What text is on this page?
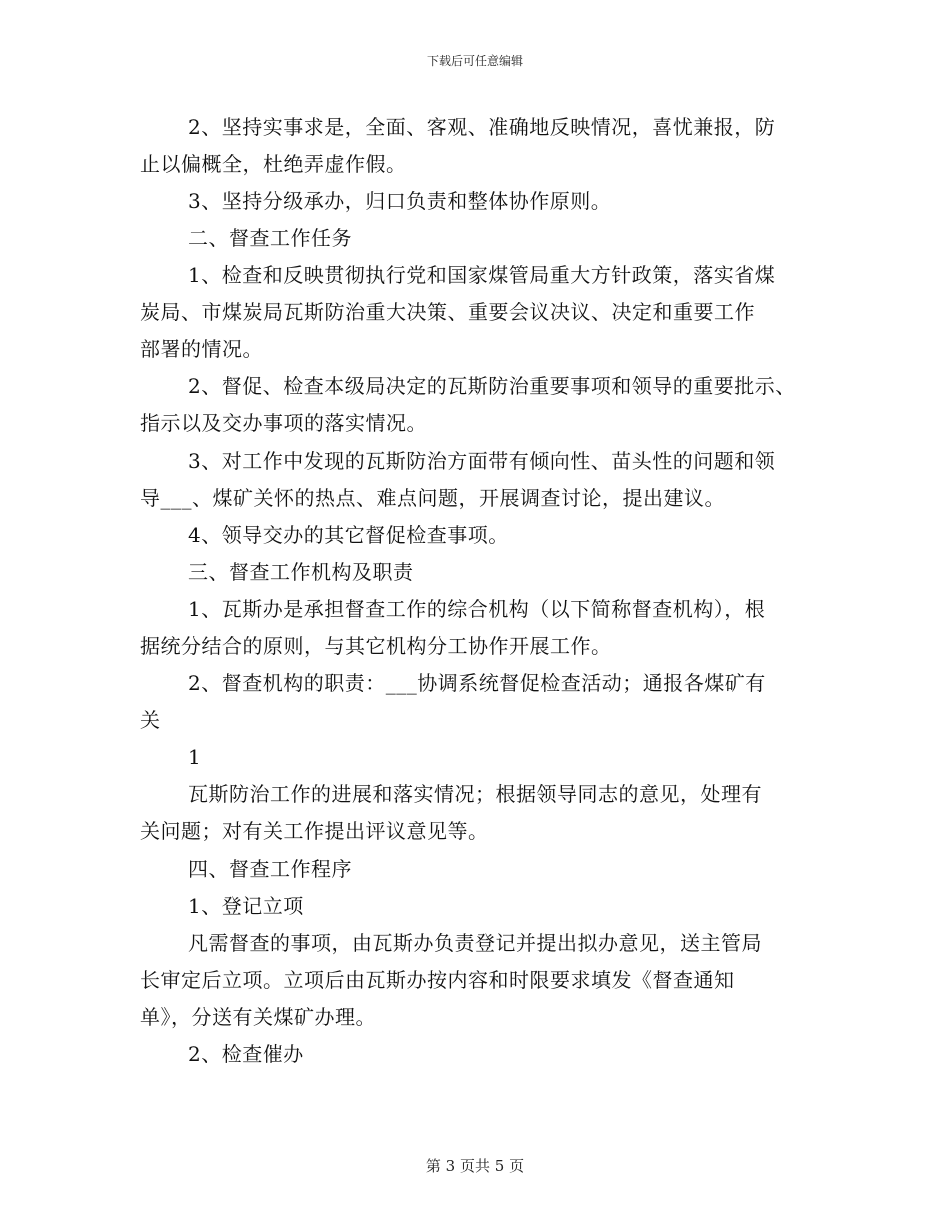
下载后可任意编辑
2、坚持实事求是，全面、客观、准确地反映情况，喜忧兼报，防
止以偏概全，杜绝弄虚作假。
3、坚持分级承办，归口负责和整体协作原则。
二、督查工作任务
1、检查和反映贯彻执行党和国家煤管局重大方针政策，落实省煤
炭局、市煤炭局瓦斯防治重大决策、重要会议决议、决定和重要工作
部署的情况。
2、督促、检查本级局决定的瓦斯防治重要事项和领导的重要批示、
指示以及交办事项的落实情况。
3、对工作中发现的瓦斯防治方面带有倾向性、苗头性的问题和领
导___、煤矿关怀的热点、难点问题，开展调查讨论，提出建议。
4、领导交办的其它督促检查事项。
三、督查工作机构及职责
1、瓦斯办是承担督查工作的综合机构（以下简称督查机构），根
据统分结合的原则，与其它机构分工协作开展工作。
2、督查机构的职责：___协调系统督促检查活动；通报各煤矿有
关
1
瓦斯防治工作的进展和落实情况；根据领导同志的意见，处理有
关问题；对有关工作提出评议意见等。
四、督查工作程序
1、登记立项
凡需督查的事项，由瓦斯办负责登记并提出拟办意见，送主管局
长审定后立项。立项后由瓦斯办按内容和时限要求填发《督查通知
单》，分送有关煤矿办理。
2、检查催办
第 3 页共 5 页
